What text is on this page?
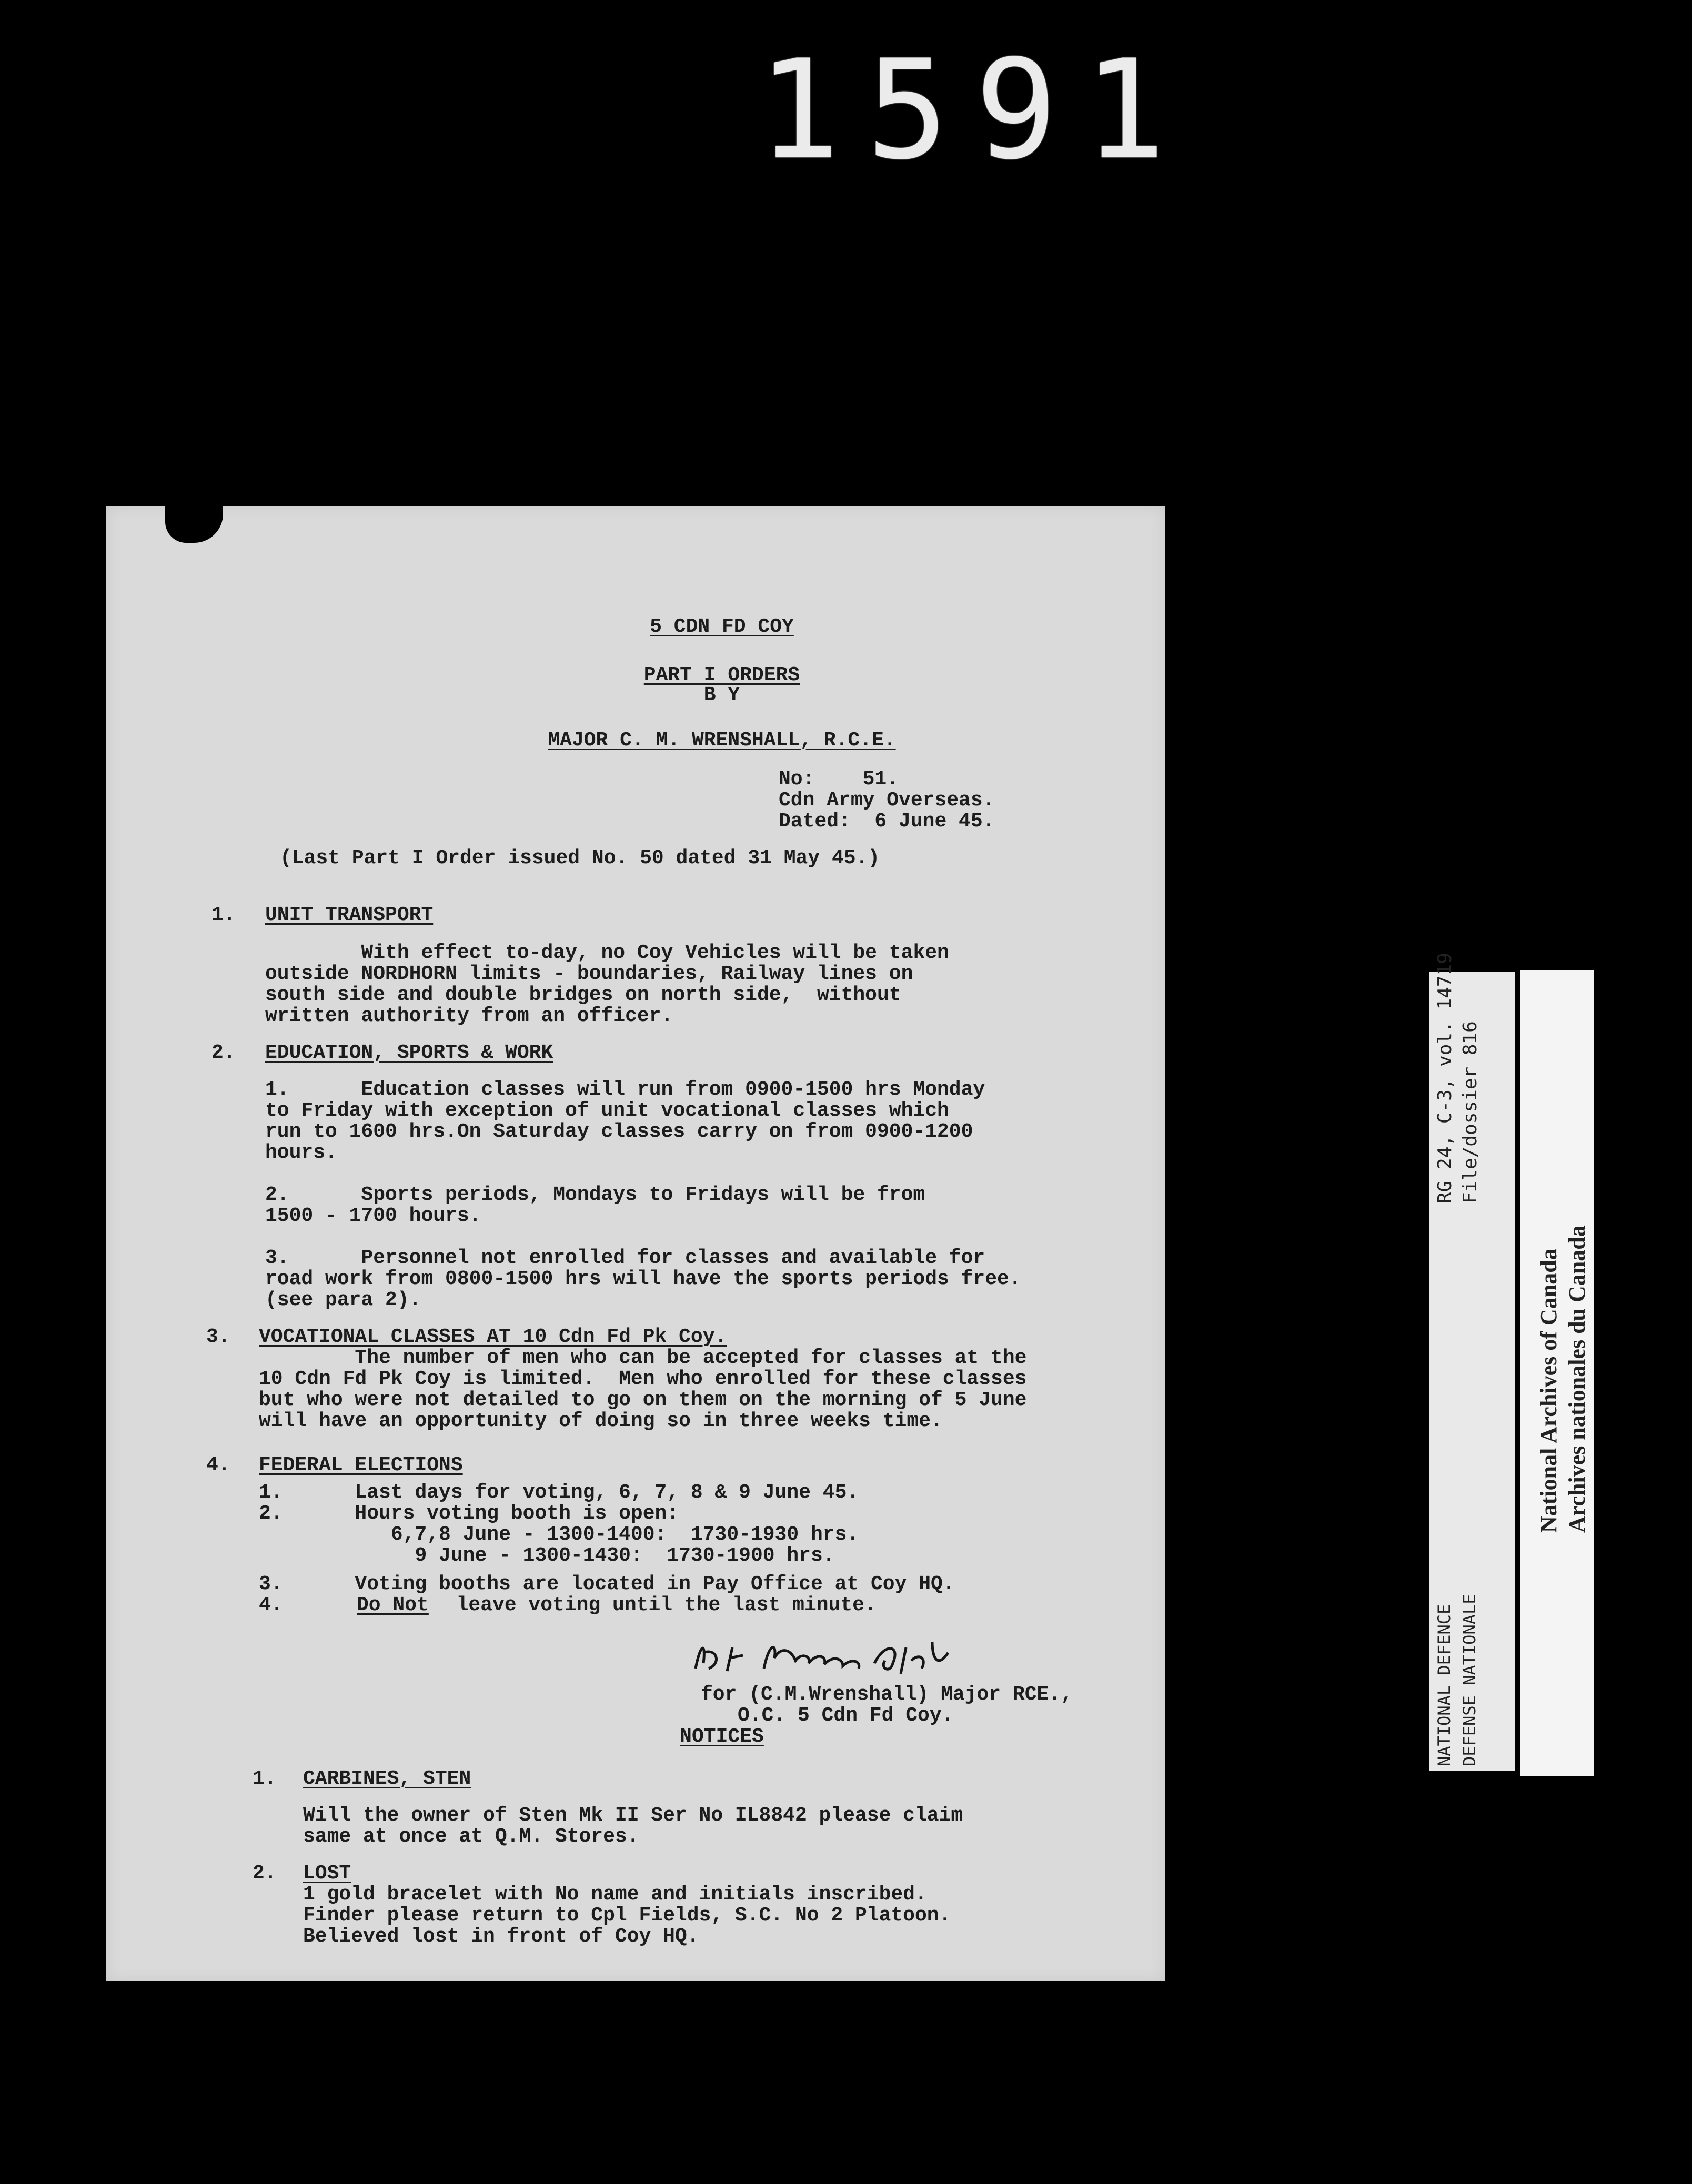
1591
5 CDN FD COY
PART I ORDERS
B Y
MAJOR C. M. WRENSHALL, R.C.E.
No:    51.
Cdn Army Overseas.
Dated:  6 June 45.
(Last Part I Order issued No. 50 dated 31 May 45.)
1. UNIT TRANSPORT
With effect to-day, no Coy Vehicles will be taken
outside NORDHORN limits - boundaries, Railway lines on
south side and double bridges on north side,  without
written authority from an officer.
2. EDUCATION, SPORTS & WORK
1.      Education classes will run from 0900-1500 hrs Monday
to Friday with exception of unit vocational classes which
run to 1600 hrs.On Saturday classes carry on from 0900-1200
hours.
2.      Sports periods, Mondays to Fridays will be from
1500 - 1700 hours.
3.      Personnel not enrolled for classes and available for
road work from 0800-1500 hrs will have the sports periods free.
(see para 2).
3. VOCATIONAL CLASSES AT 10 Cdn Fd Pk Coy.
The number of men who can be accepted for classes at the
10 Cdn Fd Pk Coy is limited.  Men who enrolled for these classes
but who were not detailed to go on them on the morning of 5 June
will have an opportunity of doing so in three weeks time.
4. FEDERAL ELECTIONS
1.      Last days for voting, 6, 7, 8 & 9 June 45.
2.      Hours voting booth is open:
6,7,8 June - 1300-1400:  1730-1930 hrs.
9 June - 1300-1430:  1730-1900 hrs.
3.      Voting booths are located in Pay Office at Coy HQ.
4.	Do Not leave voting until the last minute.
for (C.M.Wrenshall) Major RCE.,
O.C. 5 Cdn Fd Coy.
NOTICES
1. CARBINES, STEN
Will the owner of Sten Mk II Ser No IL8842 please claim
same at once at Q.M. Stores.
2. LOST
1 gold bracelet with No name and initials inscribed.
Finder please return to Cpl Fields, S.C. No 2 Platoon.
Believed lost in front of Coy HQ.
RG 24, C-3, vol. 14719 File/dossier 816
NATIONAL DEFENCE DEFENSE NATIONALE
National Archives of Canada Archives nationales du Canada
